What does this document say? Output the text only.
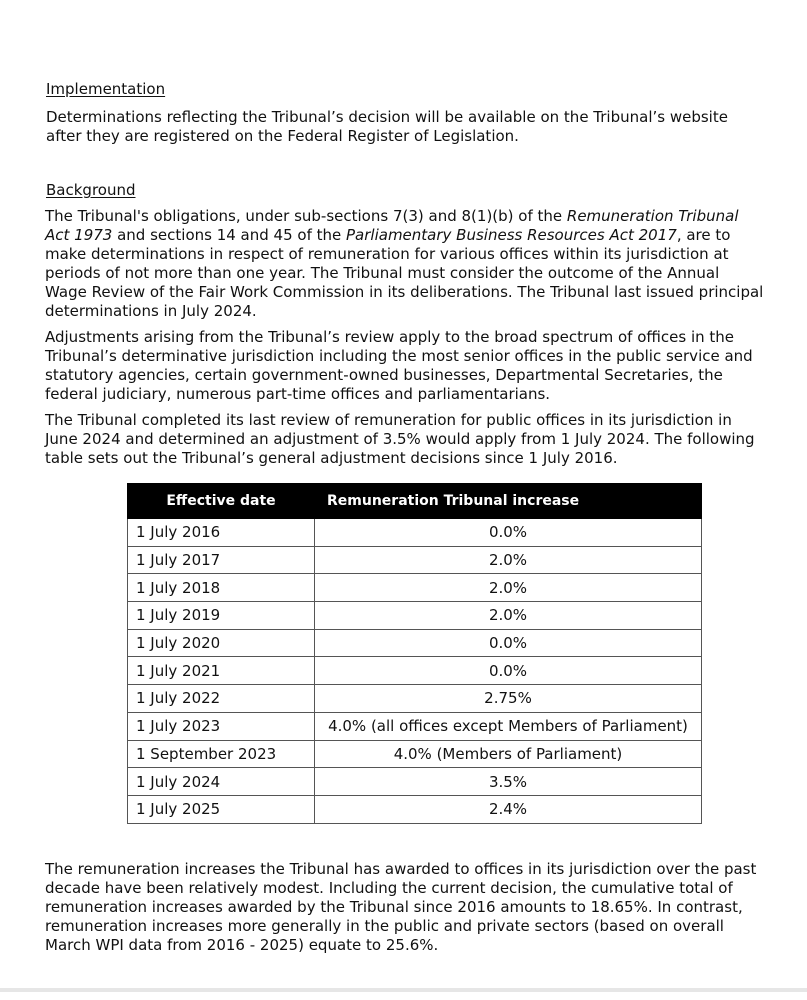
Implementation

Determinations reflecting the Tribunal’s decision will be available on the Tribunal’s website after they are registered on the Federal Register of Legislation.

Background

The Tribunal's obligations, under sub-sections 7(3) and 8(1)(b) of the Remuneration Tribunal Act 1973 and sections 14 and 45 of the Parliamentary Business Resources Act 2017, are to make determinations in respect of remuneration for various offices within its jurisdiction at periods of not more than one year. The Tribunal must consider the outcome of the Annual Wage Review of the Fair Work Commission in its deliberations. The Tribunal last issued principal determinations in July 2024.

Adjustments arising from the Tribunal’s review apply to the broad spectrum of offices in the Tribunal’s determinative jurisdiction including the most senior offices in the public service and statutory agencies, certain government-owned businesses, Departmental Secretaries, the federal judiciary, numerous part-time offices and parliamentarians.

The Tribunal completed its last review of remuneration for public offices in its jurisdiction in June 2024 and determined an adjustment of 3.5% would apply from 1 July 2024. The following table sets out the Tribunal’s general adjustment decisions since 1 July 2016.

Effective date	Remuneration Tribunal increase
1 July 2016	0.0%
1 July 2017	2.0%
1 July 2018	2.0%
1 July 2019	2.0%
1 July 2020	0.0%
1 July 2021	0.0%
1 July 2022	2.75%
1 July 2023	4.0% (all offices except Members of Parliament)
1 September 2023	4.0% (Members of Parliament)
1 July 2024	3.5%
1 July 2025	2.4%

The remuneration increases the Tribunal has awarded to offices in its jurisdiction over the past decade have been relatively modest. Including the current decision, the cumulative total of remuneration increases awarded by the Tribunal since 2016 amounts to 18.65%. In contrast, remuneration increases more generally in the public and private sectors (based on overall March WPI data from 2016 - 2025) equate to 25.6%.
